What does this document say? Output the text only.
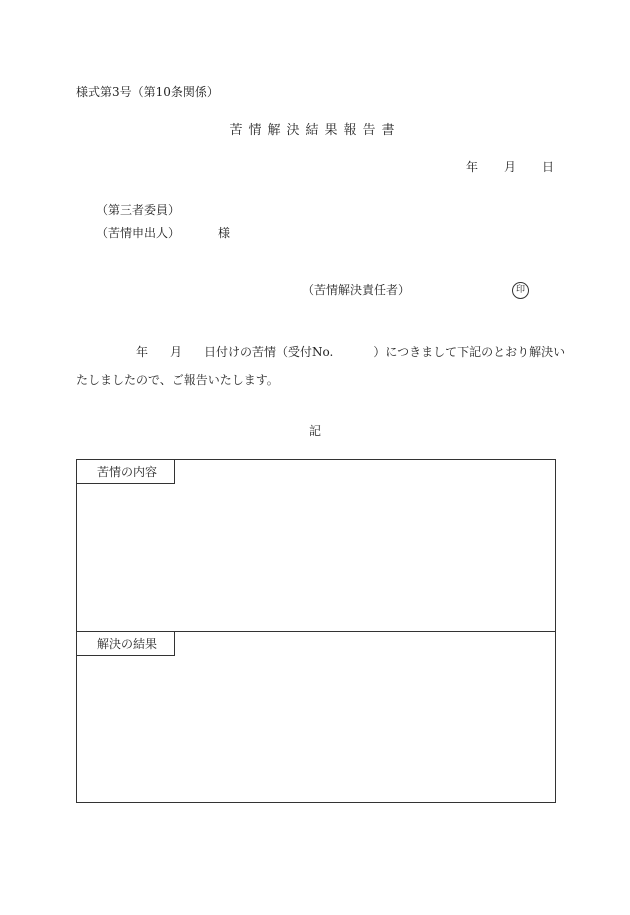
様式第3号（第10条関係）
苦情解決結果報告書
年 月 日
（第三者委員）
（苦情申出人）	様
（苦情解決責任者）	印
年 月 日付けの苦情（受付No.	）につきまして下記のとおり解決い
たしましたので、ご報告いたします。
記
苦情の内容
解決の結果
